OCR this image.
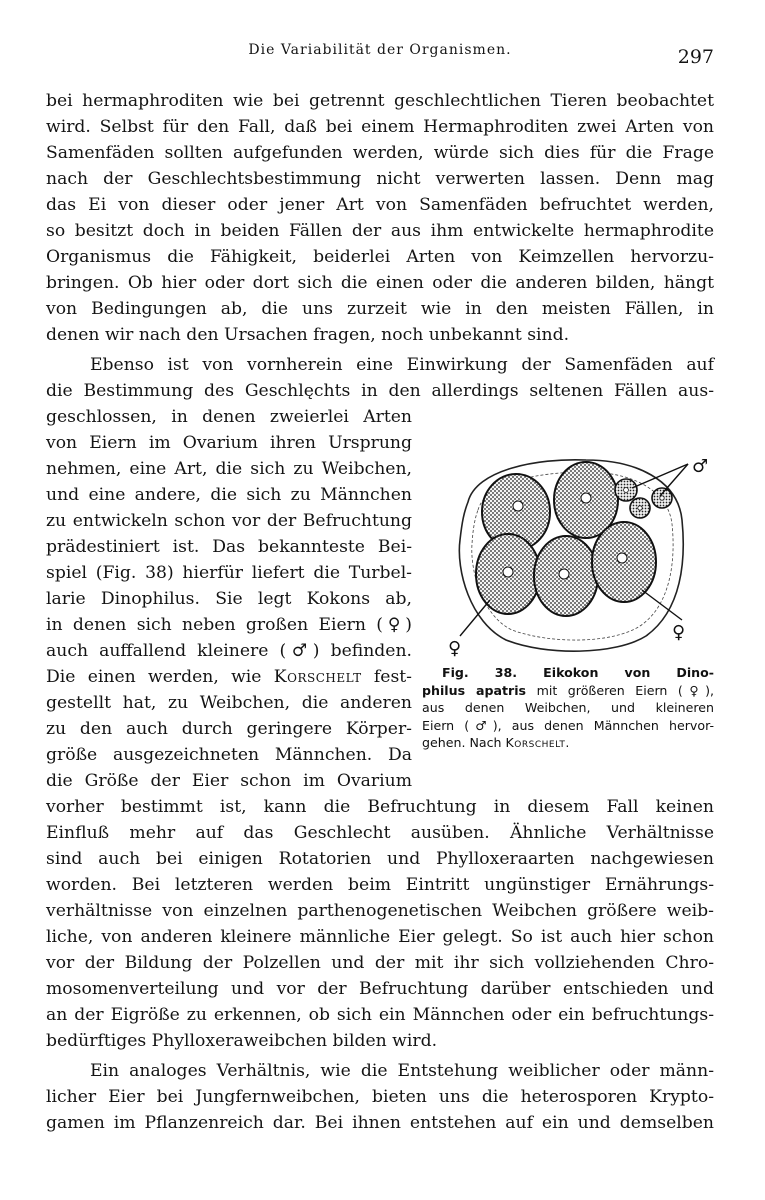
Die Variabilität der Organismen.	297
bei hermaphroditen wie bei getrennt geschlechtlichen Tieren beobachtet
wird. Selbst für den Fall, daß bei einem Hermaphroditen zwei Arten von
Samenfäden sollten aufgefunden werden, würde sich dies für die Frage
nach der Geschlechtsbestimmung nicht verwerten lassen. Denn mag
das Ei von dieser oder jener Art von Samenfäden befruchtet werden,
so besitzt doch in beiden Fällen der aus ihm entwickelte hermaphrodite
Organismus die Fähigkeit, beiderlei Arten von Keimzellen hervorzu-
bringen. Ob hier oder dort sich die einen oder die anderen bilden, hängt
von Bedingungen ab, die uns zurzeit wie in den meisten Fällen, in
denen wir nach den Ursachen fragen, noch unbekannt sind.
Ebenso ist von vornherein eine Einwirkung der Samenfäden auf
die Bestimmung des Geschlęchts in den allerdings seltenen Fällen aus-
geschlossen, in denen zweierlei Arten
von Eiern im Ovarium ihren Ursprung
nehmen, eine Art, die sich zu Weibchen,
und eine andere, die sich zu Männchen
zu entwickeln schon vor der Befruchtung
prädestiniert ist. Das bekannteste Bei-
spiel (Fig. 38) hierfür liefert die Turbel-
larie Dinophilus. Sie legt Kokons ab,
in denen sich neben großen Eiern (♀)
auch auffallend kleinere (♂) befinden.
Die einen werden, wie Korschelt fest-
gestellt hat, zu Weibchen, die anderen
zu den auch durch geringere Körper-
größe ausgezeichneten Männchen. Da
die Größe der Eier schon im Ovarium
vorher bestimmt ist, kann die Befruchtung in diesem Fall keinen
Einfluß mehr auf das Geschlecht ausüben. Ähnliche Verhältnisse
sind auch bei einigen Rotatorien und Phylloxeraarten nachgewiesen
worden. Bei letzteren werden beim Eintritt ungünstiger Ernährungs-
verhältnisse von einzelnen parthenogenetischen Weibchen größere weib-
liche, von anderen kleinere männliche Eier gelegt. So ist auch hier schon
vor der Bildung der Polzellen und der mit ihr sich vollziehenden Chro-
mosomenverteilung und vor der Befruchtung darüber entschieden und
an der Eigröße zu erkennen, ob sich ein Männchen oder ein befruchtungs-
bedürftiges Phylloxeraweibchen bilden wird.
Ein analoges Verhältnis, wie die Entstehung weiblicher oder männ-
licher Eier bei Jungfernweibchen, bieten uns die heterosporen Krypto-
gamen im Pflanzenreich dar. Bei ihnen entstehen auf ein und demselben
♂
♀
♀
Fig. 38. Eikokon von Dino-
philus apatris mit größeren Eiern (♀),
aus denen Weibchen, und kleineren
Eiern (♂), aus denen Männchen hervor-
gehen. Nach Korschelt.
